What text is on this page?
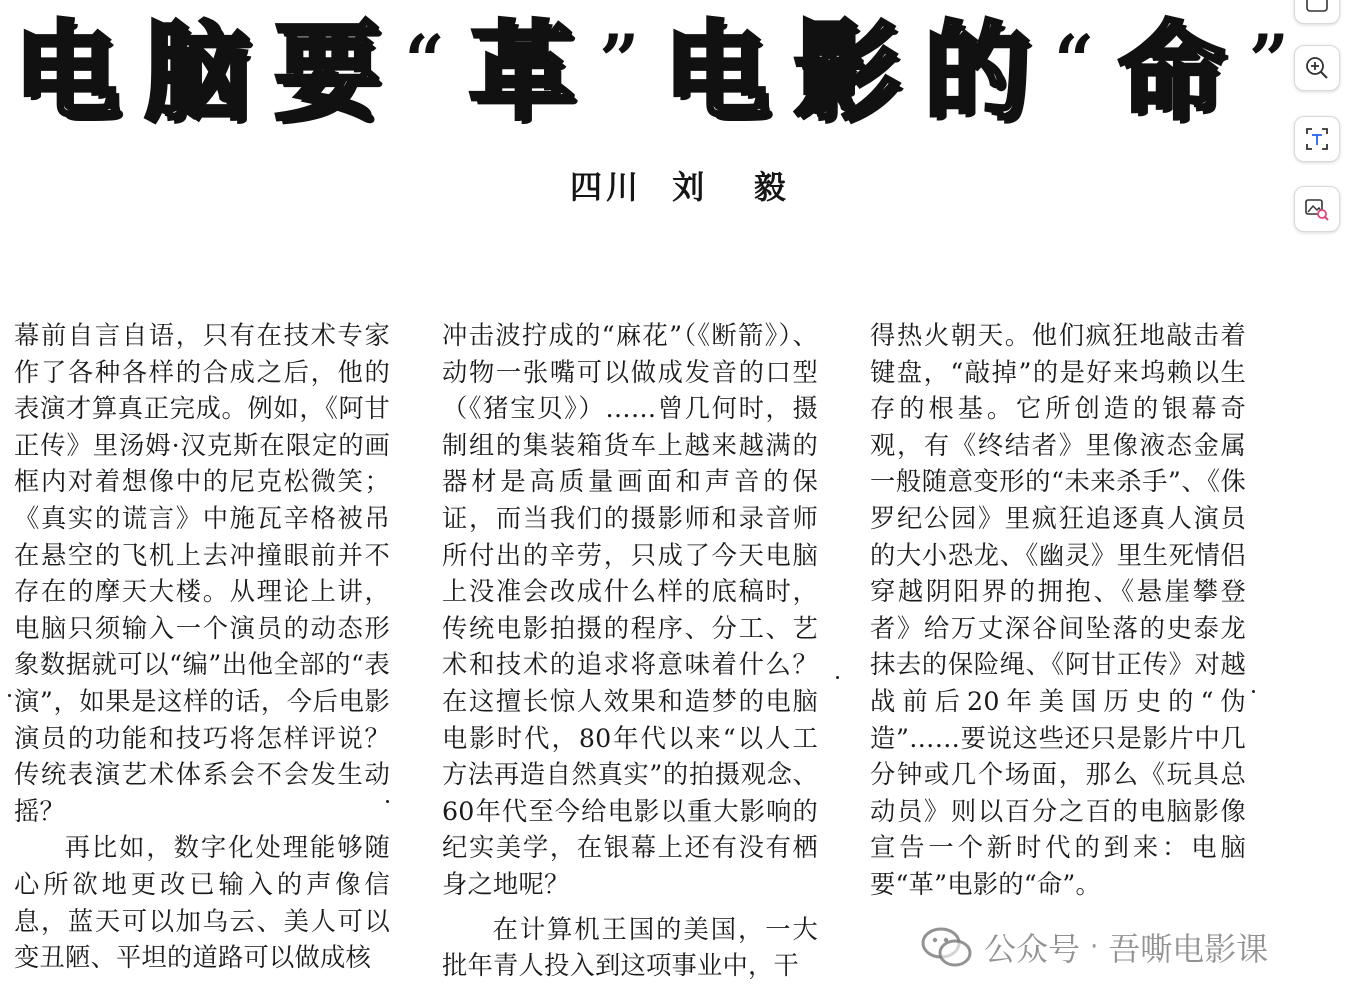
电 脑 要 “ 革 ” 电 影 的 “ 命 ”
四川  刘   毅

幕前自言自语，只有在技术专家作了各种各样的合成之后，他的表演才算真正完成。例如，《阿甘正传》里汤姆·汉克斯在限定的画框内对着想像中的尼克松微笑；《真实的谎言》中施瓦辛格被吊在悬空的飞机上去冲撞眼前并不存在的摩天大楼。从理论上讲，电脑只须输入一个演员的动态形象数据就可以“编”出他全部的“表演”，如果是这样的话，今后电影演员的功能和技巧将怎样评说？传统表演艺术体系会不会发生动摇？

再比如，数字化处理能够随心所欲地更改已输入的声像信息，蓝天可以加乌云、美人可以变丑陋、平坦的道路可以做成核

冲击波拧成的“麻花”（《断箭》）、动物一张嘴可以做成发音的口型（《猪宝贝》）……曾几何时，摄制组的集装箱货车上越来越满的器材是高质量画面和声音的保证，而当我们的摄影师和录音师所付出的辛劳，只成了今天电脑上没准会改成什么样的底稿时，传统电影拍摄的程序、分工、艺术和技术的追求将意味着什么？在这擅长惊人效果和造梦的电脑电影时代，80年代以来“以人工方法再造自然真实”的拍摄观念、60年代至今给电影以重大影响的纪实美学，在银幕上还有没有栖身之地呢？

在计算机王国的美国，一大批年青人投入到这项事业中，干

得热火朝天。他们疯狂地敲击着键盘，“敲掉”的是好来坞赖以生存的根基。它所创造的银幕奇观，有《终结者》里像液态金属一般随意变形的“未来杀手”、《侏罗纪公园》里疯狂追逐真人演员的大小恐龙、《幽灵》里生死情侣穿越阴阳界的拥抱、《悬崖攀登者》给万丈深谷间坠落的史泰龙抹去的保险绳、《阿甘正传》对越战前后20年美国历史的“伪造”……要说这些还只是影片中几分钟或几个场面，那么《玩具总动员》则以百分之百的电脑影像宣告一个新时代的到来：电脑要“革”电影的“命”。

公众号 · 吾嘶电影课
